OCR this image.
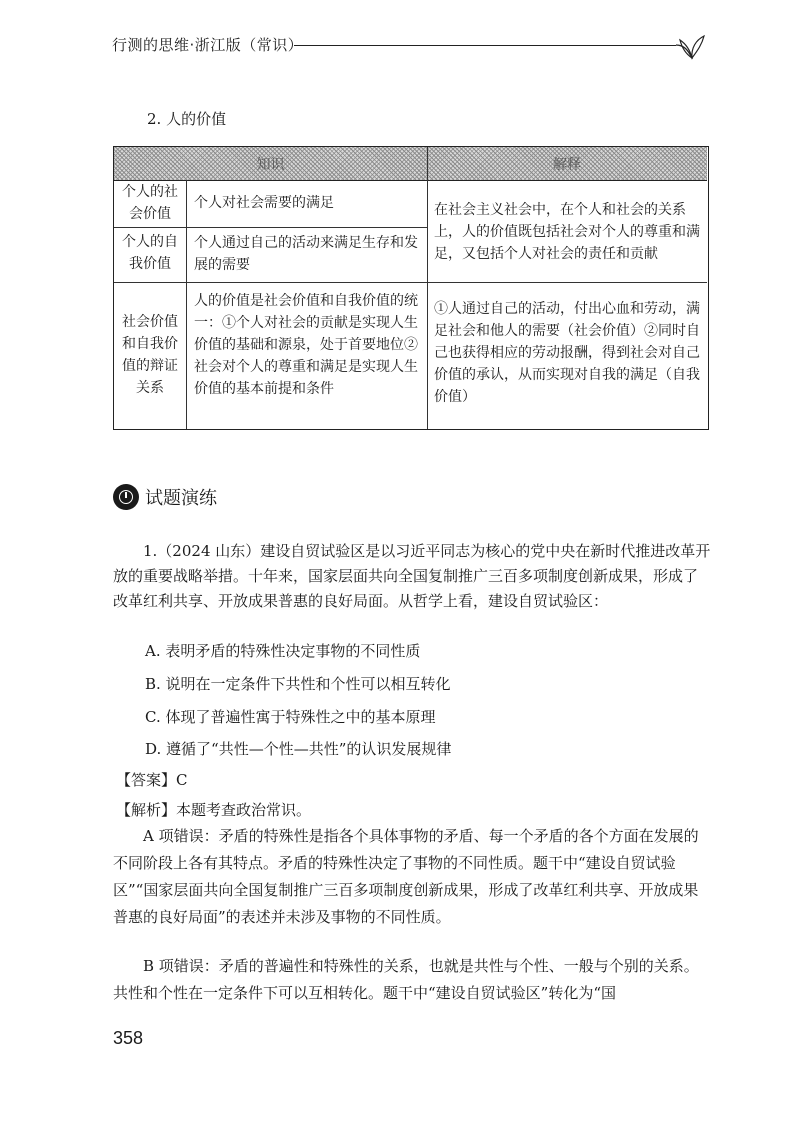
行测的思维·浙江版（常识）
2. 人的价值
知识	解释
个人的社会价值
个人对社会需要的满足
个人的自我价值
个人通过自己的活动来满足生存和发展的需要
在社会主义社会中，在个人和社会的关系上，人的价值既包括社会对个人的尊重和满足，又包括个人对社会的责任和贡献
社会价值和自我价值的辩证关系
人的价值是社会价值和自我价值的统一：①个人对社会的贡献是实现人生价值的基础和源泉，处于首要地位②社会对个人的尊重和满足是实现人生价值的基本前提和条件
①人通过自己的活动，付出心血和劳动，满足社会和他人的需要（社会价值）②同时自己也获得相应的劳动报酬，得到社会对自己价值的承认，从而实现对自我的满足（自我价值）
试题演练
1.（2024 山东）建设自贸试验区是以习近平同志为核心的党中央在新时代推进改革开放的重要战略举措。十年来，国家层面共向全国复制推广三百多项制度创新成果，形成了改革红利共享、开放成果普惠的良好局面。从哲学上看，建设自贸试验区：
A. 表明矛盾的特殊性决定事物的不同性质
B. 说明在一定条件下共性和个性可以相互转化
C. 体现了普遍性寓于特殊性之中的基本原理
D. 遵循了“共性—个性—共性”的认识发展规律
【答案】C
【解析】本题考查政治常识。
A 项错误：矛盾的特殊性是指各个具体事物的矛盾、每一个矛盾的各个方面在发展的不同阶段上各有其特点。矛盾的特殊性决定了事物的不同性质。题干中“建设自贸试验区”“国家层面共向全国复制推广三百多项制度创新成果，形成了改革红利共享、开放成果普惠的良好局面”的表述并未涉及事物的不同性质。
B 项错误：矛盾的普遍性和特殊性的关系，也就是共性与个性、一般与个别的关系。共性和个性在一定条件下可以互相转化。题干中“建设自贸试验区”转化为“国
358
